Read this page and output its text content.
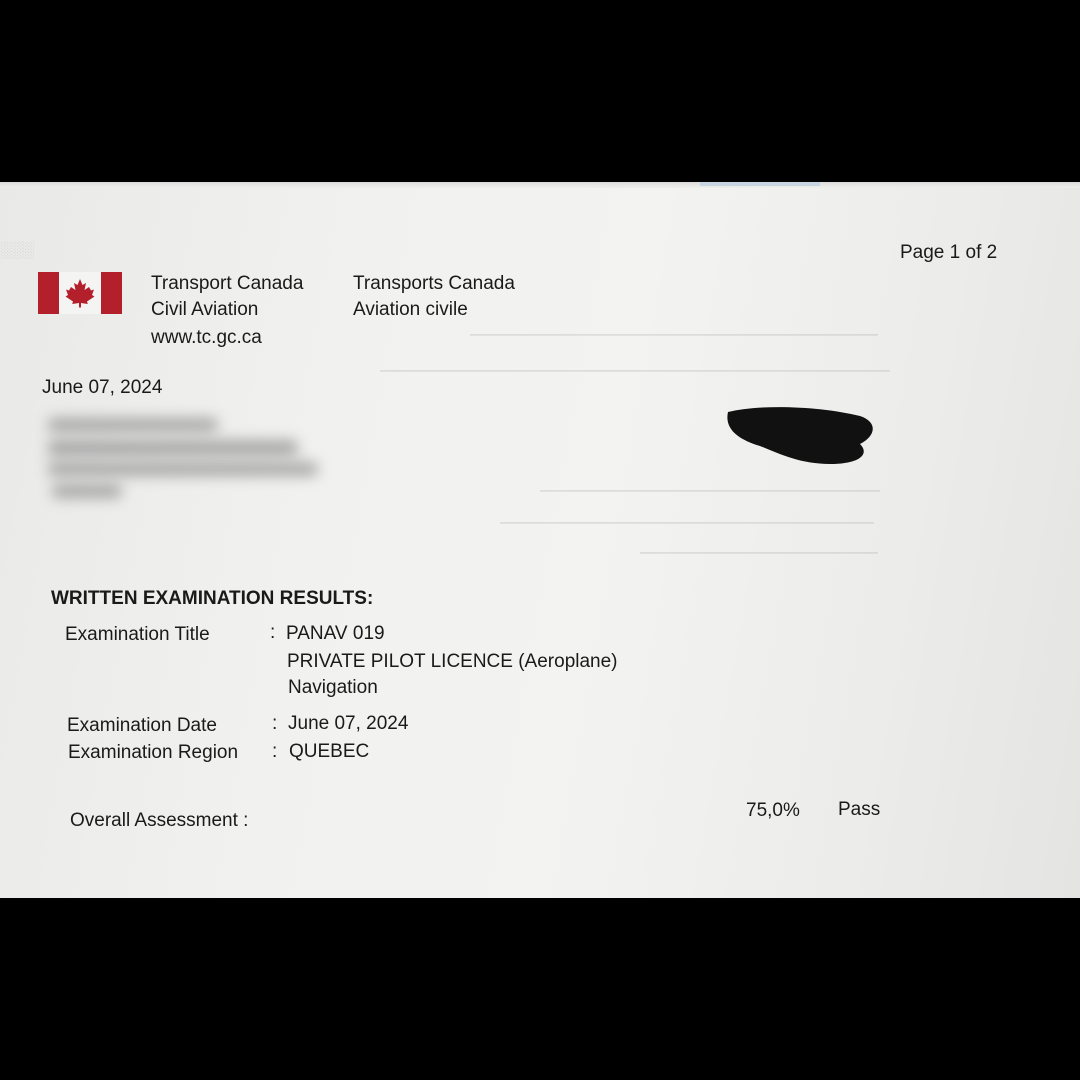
░░░
――――――――――――――――――――――――
――――――――――――――――――――――――――――――
――――――――――――――――――――
――――――――――――――――――――――
――――――――――――――
Page 1 of 2
Transport Canada
Civil Aviation
www.tc.gc.ca
Transports Canada
Aviation civile
June 07, 2024
WRITTEN EXAMINATION RESULTS:
Examination Title	: PANAV 019
PRIVATE PILOT LICENCE (Aeroplane)
Navigation
Examination Date	: June 07, 2024
Examination Region : QUEBEC
Overall Assessment :	75,0% Pass
